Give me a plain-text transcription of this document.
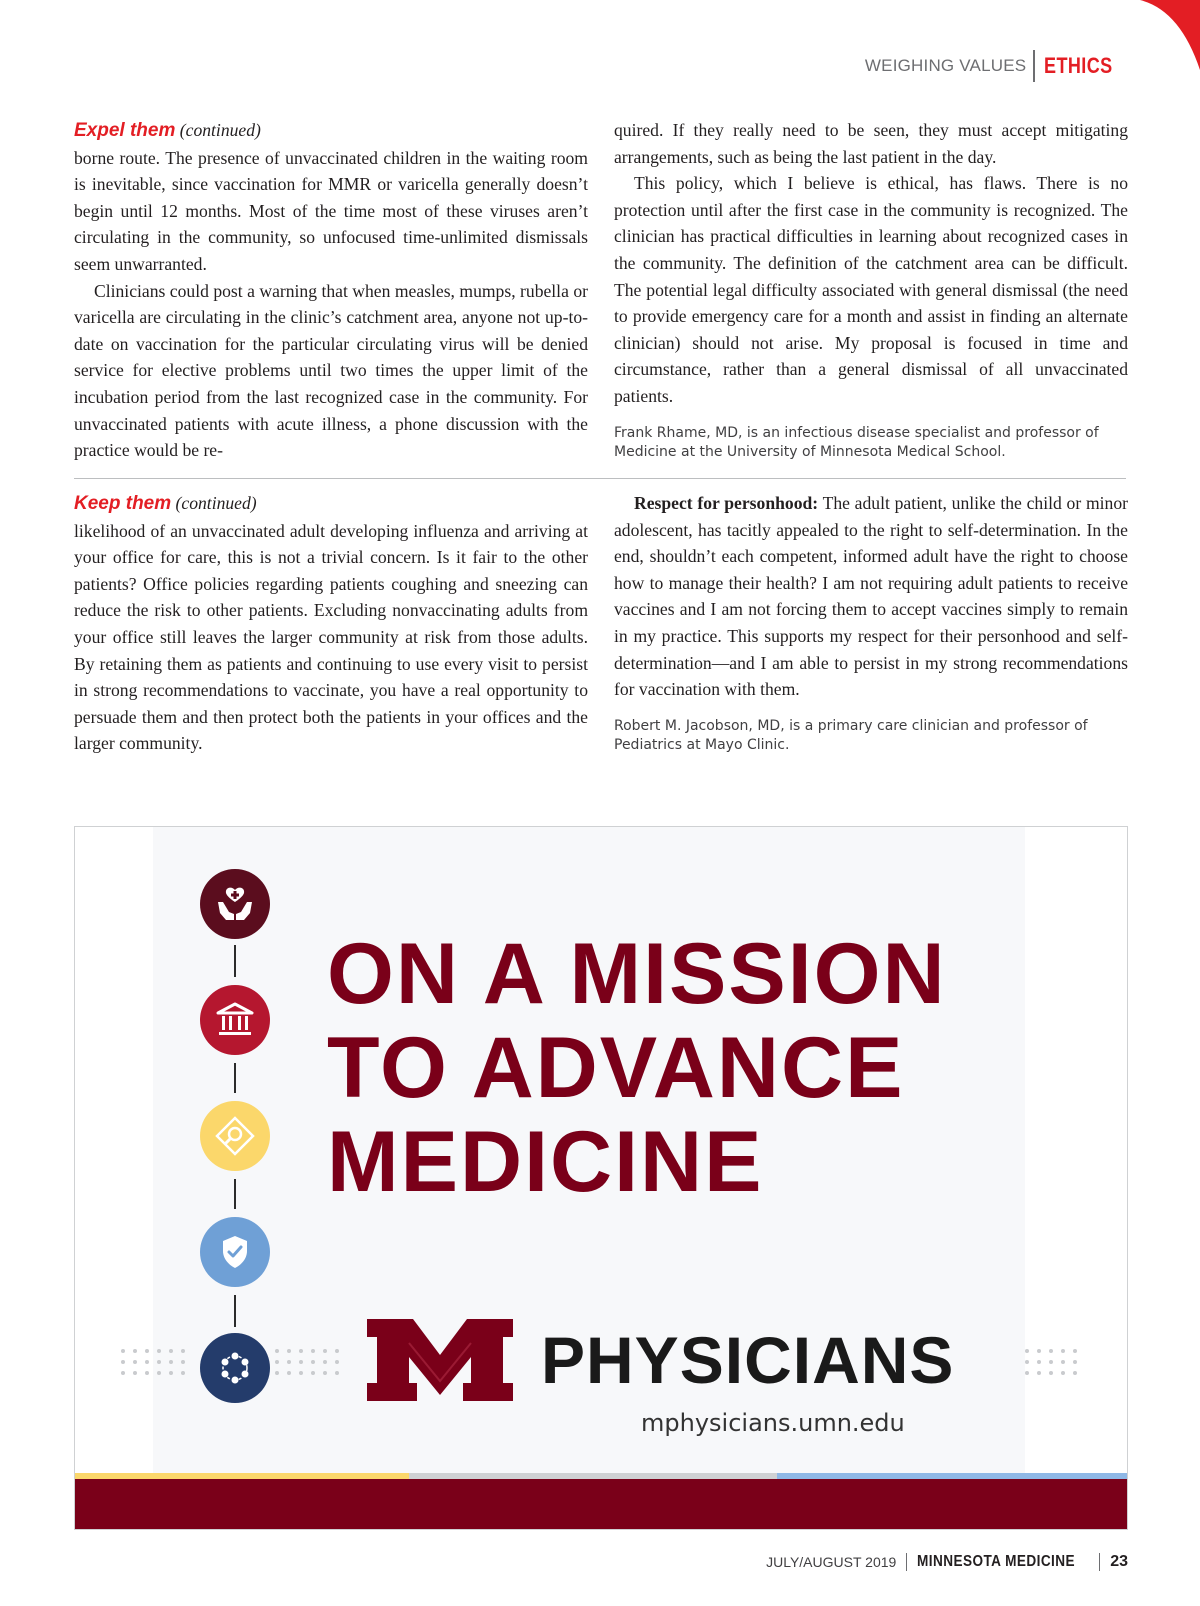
WEIGHING VALUES ETHICS
Expel them (continued)

borne route. The presence of unvaccinated children in the waiting room is inevitable, since vaccination for MMR or varicella generally doesn’t begin until 12 months. Most of the time most of these viruses aren’t circulating in the community, so unfocused time-unlimited dismissals seem unwarranted.

Clinicians could post a warning that when measles, mumps, rubella or varicella are circulating in the clinic’s catchment area, anyone not up-to-date on vaccination for the particular circulating virus will be denied service for elective problems until two times the upper limit of the incubation period from the last recognized case in the community. For unvaccinated patients with acute illness, a phone discussion with the practice would be re-

quired. If they really need to be seen, they must accept mitigating arrangements, such as being the last patient in the day.

This policy, which I believe is ethical, has flaws. There is no protection until after the first case in the community is recognized. The clinician has practical difficulties in learning about recognized cases in the community. The definition of the catchment area can be difficult. The potential legal difficulty associated with general dismissal (the need to provide emergency care for a month and assist in finding an alternate clinician) should not arise. My proposal is focused in time and circumstance, rather than a general dismissal of all unvaccinated patients.

Frank Rhame, MD, is an infectious disease specialist and professor of Medicine at the University of Minnesota Medical School.
Keep them (continued)

likelihood of an unvaccinated adult developing influenza and arriving at your office for care, this is not a trivial concern. Is it fair to the other patients? Office policies regarding patients coughing and sneezing can reduce the risk to other patients. Excluding nonvaccinating adults from your office still leaves the larger community at risk from those adults. By retaining them as patients and continuing to use every visit to persist in strong recommendations to vaccinate, you have a real opportunity to persuade them and then protect both the patients in your offices and the larger community.

Respect for personhood: The adult patient, unlike the child or minor adolescent, has tacitly appealed to the right to self-determination. In the end, shouldn’t each competent, informed adult have the right to choose how to manage their health? I am not requiring adult patients to receive vaccines and I am not forcing them to accept vaccines simply to remain in my practice. This supports my respect for their personhood and self-determination—and I am able to persist in my strong recommendations for vaccination with them.

Robert M. Jacobson, MD, is a primary care clinician and professor of Pediatrics at Mayo Clinic.
ON A MISSION
TO ADVANCE
MEDICINE
PHYSICIANS
mphysicians.umn.edu
JULY/AUGUST 2019 MINNESOTA MEDICINE 23
